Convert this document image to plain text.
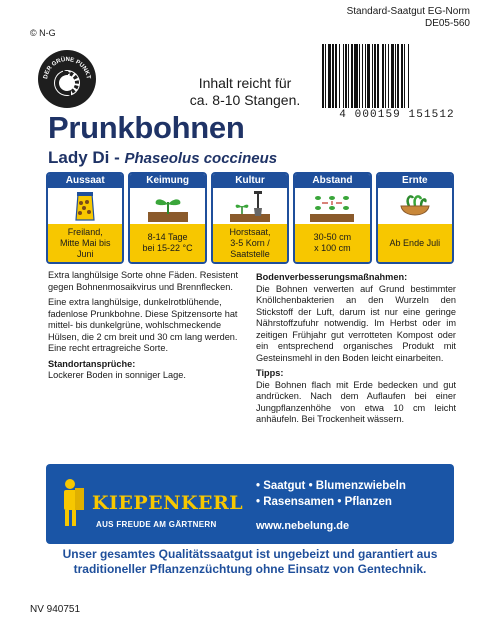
© N-G
Standard-Saatgut EG-Norm
DE05-560
DER GRÜNE PUNKT	Inhalt reicht für
ca. 8-10 Stangen.
4 000159 151512
Prunkbohnen
Lady Di - Phaseolus coccineus
Aussaat
Freiland,
Mitte Mai bis
Juni
Keimung
8-14 Tage
bei 15-22 °C
Kultur
Horstsaat,
3-5 Korn /
Saatstelle
Abstand
30-50 cm
x 100 cm
Ernte
Ab Ende Juli

Extra langhülsige Sorte ohne Fäden. Resistent gegen Bohnenmosaikvirus und Brennflecken.

Eine extra langhülsige, dunkelrotblühende, fadenlose Prunkbohne. Diese Spitzensorte hat mittel- bis dunkelgrüne, wohlschmeckende Hülsen, die 2 cm breit und 30 cm lang werden. Eine recht ertragreiche Sorte.

Standortansprüche:

Lockerer Boden in sonniger Lage.

Bodenverbesserungsmaßnahmen:

Die Bohnen verwerten auf Grund bestimmter Knöllchenbakterien an den Wurzeln den Stickstoff der Luft, darum ist nur eine geringe Nährstoffzufuhr notwendig. Im Herbst oder im zeitigen Frühjahr gut verrotteten Kompost oder ein entsprechend organisches Produkt mit Gesteinsmehl in den Boden leicht einarbeiten.

Tipps:

Die Bohnen flach mit Erde bedecken und gut andrücken. Nach dem Auflaufen bei einer Jungpflanzenhöhe von etwa 10 cm leicht anhäufeln. Bei Trockenheit wässern.

KIEPENKERL
AUS FREUDE AM GÄRTNERN
• Saatgut • Blumenzwiebeln
• Rasensamen • Pflanzen
www.nebelung.de
Unser gesamtes Qualitätssaatgut ist ungebeizt und garantiert aus
traditioneller Pflanzenzüchtung ohne Einsatz von Gentechnik.
NV 940751
